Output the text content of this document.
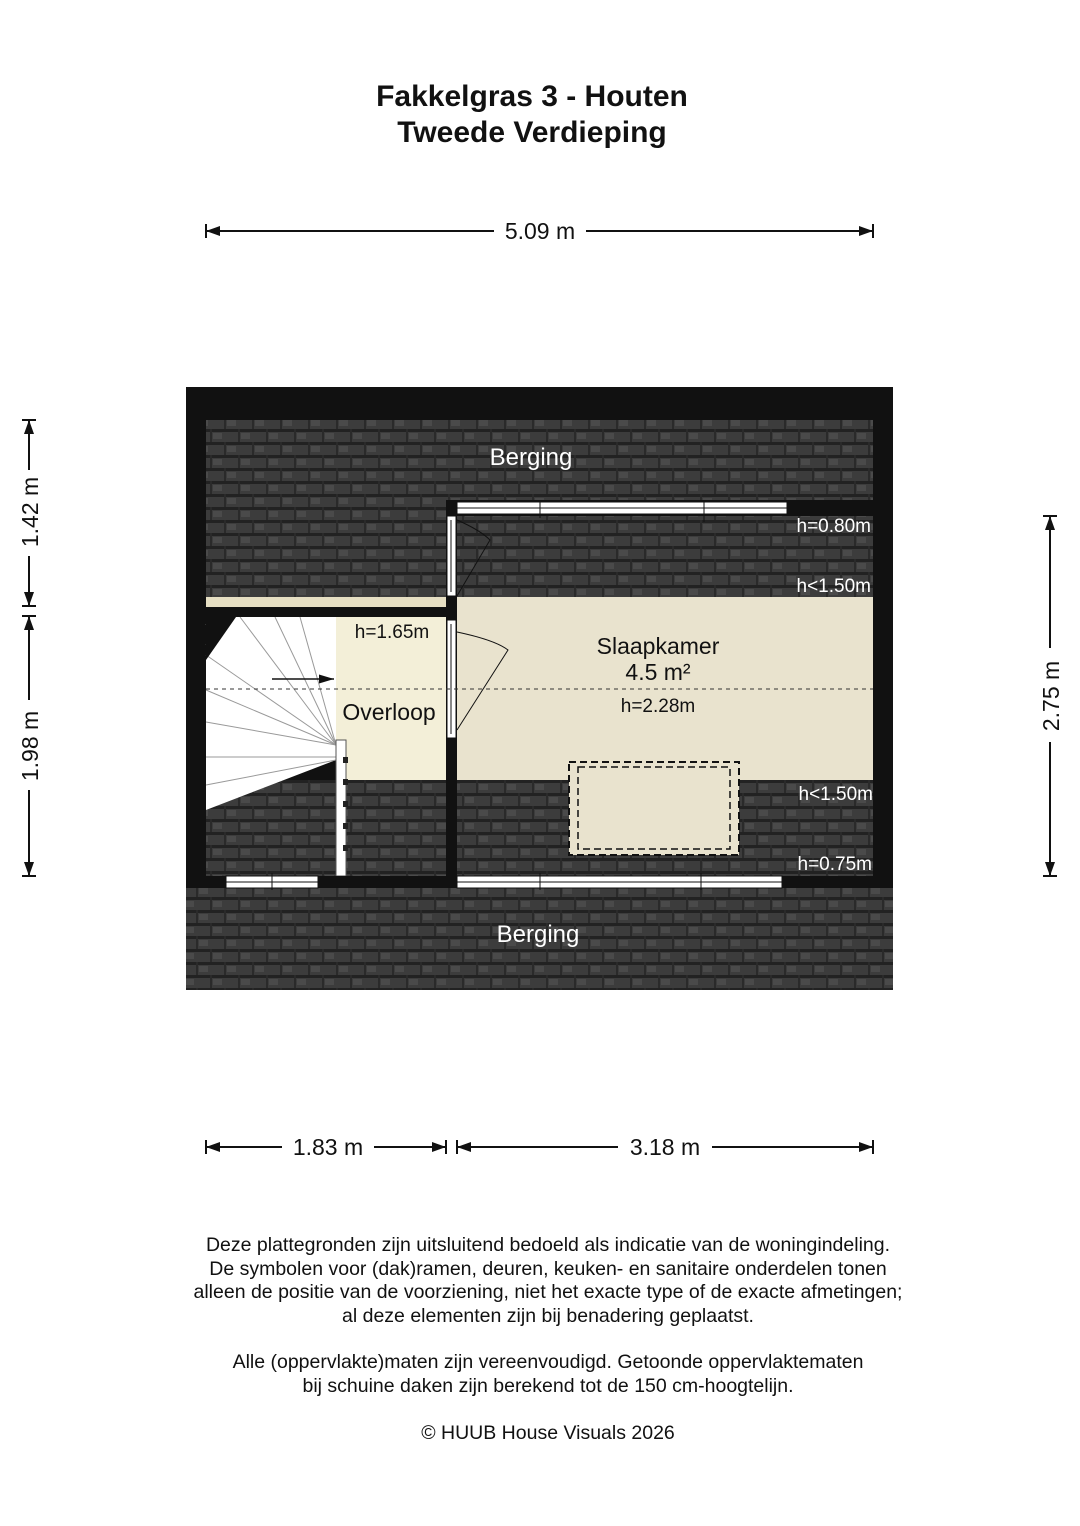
Fakkelgras 3 - Houten
Tweede Verdieping
5.09 m
1.42 m
1.98 m
2.75 m
Berging
Berging
Slaapkamer
4.5 m²
h=2.28m
Overloop
h=1.65m
h=0.80m
h<1.50m
h<1.50m
h=0.75m
1.83 m	3.18 m
Deze plattegronden zijn uitsluitend bedoeld als indicatie van de woningindeling.
De symbolen voor (dak)ramen, deuren, keuken- en sanitaire onderdelen tonen
alleen de positie van de voorziening, niet het exacte type of de exacte afmetingen;
al deze elementen zijn bij benadering geplaatst.
Alle (oppervlakte)maten zijn vereenvoudigd. Getoonde oppervlaktematen
bij schuine daken zijn berekend tot de 150 cm-hoogtelijn.
© HUUB House Visuals 2026
